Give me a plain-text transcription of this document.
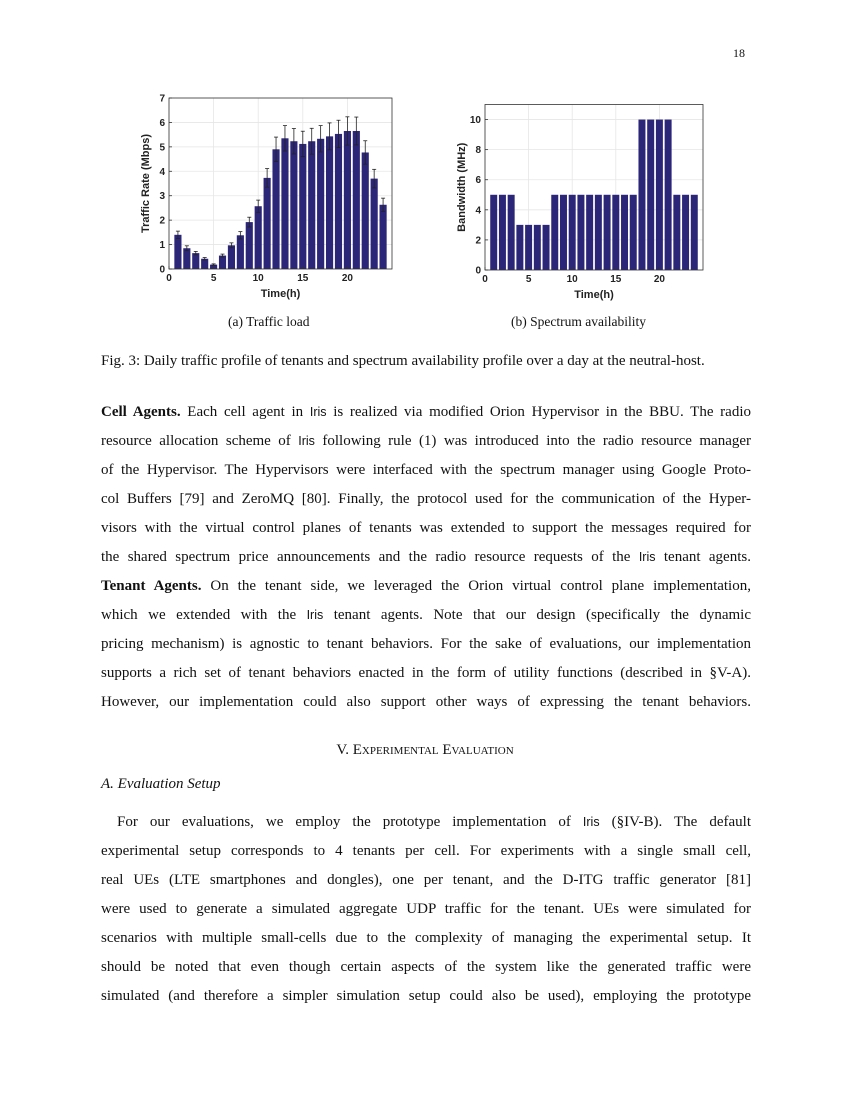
18
0	5	10	15	20
0
1
2
3
4
5
6
7
Time(h)
Traffic Rate (Mbps)
0	5	10	15	20
0
2
4
6
8
10
Time(h)
Bandwidth (MHz)
(a) Traffic load	(b) Spectrum availability
Fig. 3: Daily traffic profile of tenants and spectrum availability profile over a day at the neutral-host.
Cell Agents. Each cell agent in Iris is realized via modified Orion Hypervisor in the BBU. The radio
resource allocation scheme of Iris following rule (1) was introduced into the radio resource manager
of the Hypervisor. The Hypervisors were interfaced with the spectrum manager using Google Proto-
col Buffers [79] and ZeroMQ [80]. Finally, the protocol used for the communication of the Hyper-
visors with the virtual control planes of tenants was extended to support the messages required for
the shared spectrum price announcements and the radio resource requests of the Iris tenant agents.
Tenant Agents. On the tenant side, we leveraged the Orion virtual control plane implementation,
which we extended with the Iris tenant agents. Note that our design (specifically the dynamic
pricing mechanism) is agnostic to tenant behaviors. For the sake of evaluations, our implementation
supports a rich set of tenant behaviors enacted in the form of utility functions (described in §V-A).
However, our implementation could also support other ways of expressing the tenant behaviors.
V. Experimental Evaluation
A. Evaluation Setup
For our evaluations, we employ the prototype implementation of Iris (§IV-B). The default
experimental setup corresponds to 4 tenants per cell. For experiments with a single small cell,
real UEs (LTE smartphones and dongles), one per tenant, and the D-ITG traffic generator [81]
were used to generate a simulated aggregate UDP traffic for the tenant. UEs were simulated for
scenarios with multiple small-cells due to the complexity of managing the experimental setup. It
should be noted that even though certain aspects of the system like the generated traffic were
simulated (and therefore a simpler simulation setup could also be used), employing the prototype
